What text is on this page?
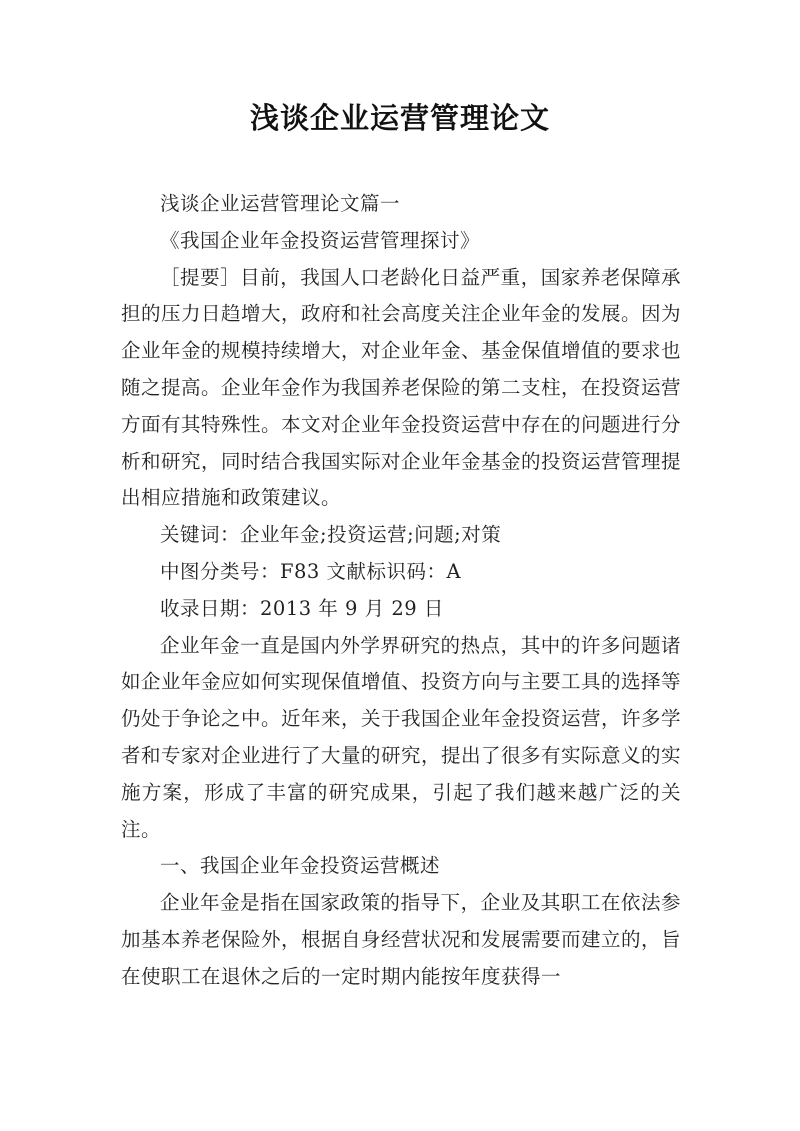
浅谈企业运营管理论文

浅谈企业运营管理论文篇一

《我国企业年金投资运营管理探讨》

［提要］目前，我国人口老龄化日益严重，国家养老保障承担的压力日趋增大，政府和社会高度关注企业年金的发展。因为企业年金的规模持续增大，对企业年金、基金保值增值的要求也随之提高。企业年金作为我国养老保险的第二支柱，在投资运营方面有其特殊性。本文对企业年金投资运营中存在的问题进行分析和研究，同时结合我国实际对企业年金基金的投资运营管理提出相应措施和政策建议。

关键词：企业年金;投资运营;问题;对策

中图分类号：F83 文献标识码：A

收录日期：2013 年 9 月 29 日

企业年金一直是国内外学界研究的热点，其中的许多问题诸如企业年金应如何实现保值增值、投资方向与主要工具的选择等仍处于争论之中。近年来，关于我国企业年金投资运营，许多学者和专家对企业进行了大量的研究，提出了很多有实际意义的实施方案，形成了丰富的研究成果，引起了我们越来越广泛的关注。

一、我国企业年金投资运营概述

企业年金是指在国家政策的指导下，企业及其职工在依法参加基本养老保险外，根据自身经营状况和发展需要而建立的，旨在使职工在退休之后的一定时期内能按年度获得一
